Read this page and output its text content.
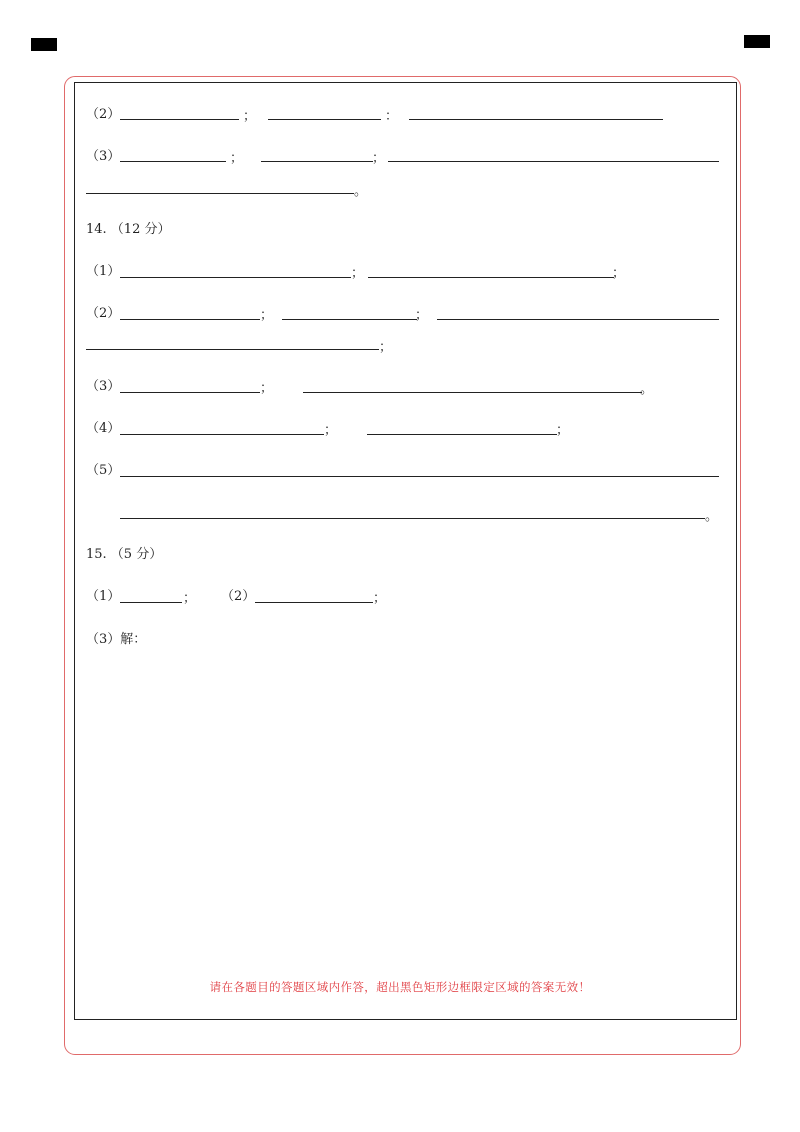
（2）	；	：
（3）	；	；
。
14. （12 分）
（1）	；	；
（2）	；	；
；
（3）	；	。
（4）	；	；
（5）
。
15. （5 分）
（1）	； （2）	；
（3）解：
请在各题目的答题区域内作答，超出黑色矩形边框限定区域的答案无效！
